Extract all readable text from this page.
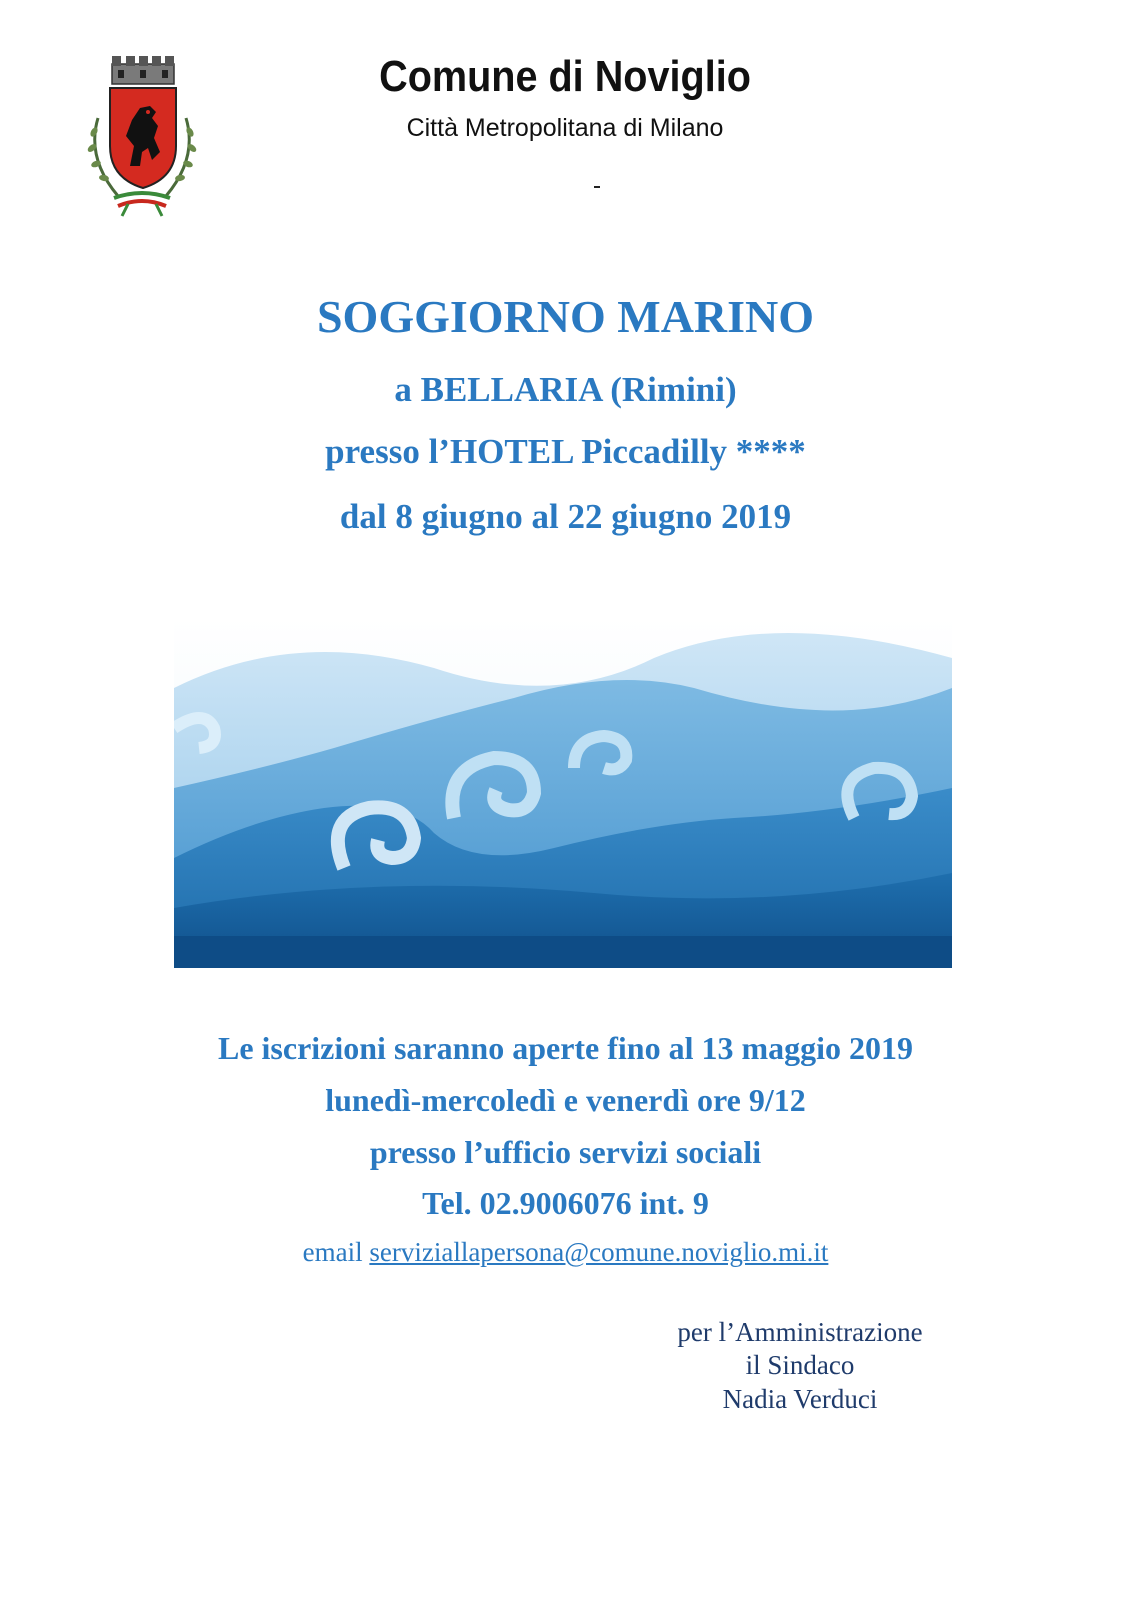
Comune di Noviglio

Città Metropolitana di Milano

SOGGIORNO MARINO

a BELLARIA (Rimini)

presso l’HOTEL Piccadilly ****

dal 8 giugno al 22 giugno 2019

Le iscrizioni saranno aperte fino al 13 maggio 2019

lunedì-mercoledì e venerdì ore 9/12

presso l’ufficio servizi sociali

Tel. 02.9006076 int. 9

email serviziallapersona@comune.noviglio.mi.it

per l’Amministrazione

il Sindaco

Nadia Verduci
